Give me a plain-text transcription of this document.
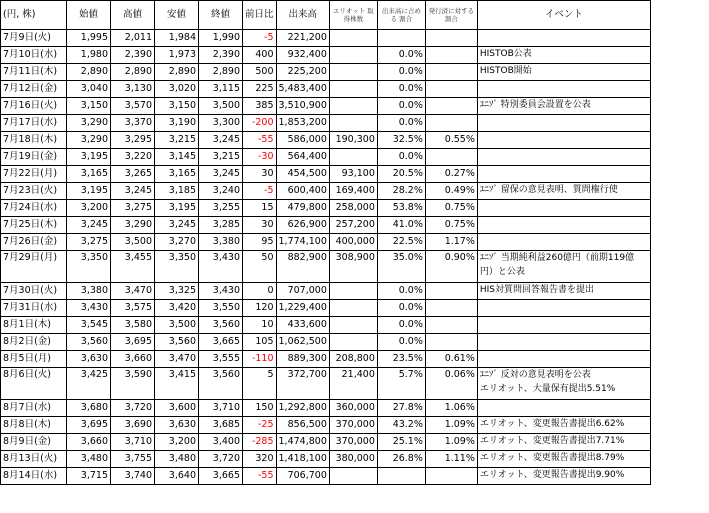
(円, 株)	始値	高値	安値	終値	前日比	出来高	エリオット 取得株数	出来高に占める 割合	発行済に対する 割合	イベント
7月9日(火)	1,995	2,011	1,984	1,990	-5	221,200				

7月10日(水)	1,980	2,390	1,973	2,390	400	932,400		0.0%		HISTOB公表

7月11日(木)	2,890	2,890	2,890	2,890	500	225,200		0.0%		HISTOB開始

7月12日(金)	3,040	3,130	3,020	3,115	225	5,483,400		0.0%		

7月16日(火)	3,150	3,570	3,150	3,500	385	3,510,900		0.0%		ﾕﾆｿﾞ 特別委員会設置を公表

7月17日(水)	3,290	3,370	3,190	3,300	-200	1,853,200		0.0%		

7月18日(木)	3,290	3,295	3,215	3,245	-55	586,000	190,300	32.5%	0.55%	

7月19日(金)	3,195	3,220	3,145	3,215	-30	564,400		0.0%		

7月22日(月)	3,165	3,265	3,165	3,245	30	454,500	93,100	20.5%	0.27%	

7月23日(火)	3,195	3,245	3,185	3,240	-5	600,400	169,400	28.2%	0.49%	ﾕﾆｿﾞ 留保の意見表明、質問権行使

7月24日(水)	3,200	3,275	3,195	3,255	15	479,800	258,000	53.8%	0.75%	

7月25日(木)	3,245	3,290	3,245	3,285	30	626,900	257,200	41.0%	0.75%	

7月26日(金)	3,275	3,500	3,270	3,380	95	1,774,100	400,000	22.5%	1.17%	

7月29日(月)	3,350	3,455	3,350	3,430	50	882,900	308,900	35.0%	0.90%	ﾕﾆｿﾞ 当期純利益260億円（前期119億
円）と公表

7月30日(火)	3,380	3,470	3,325	3,430	0	707,000		0.0%		HIS対質問回答報告書を提出

7月31日(水)	3,430	3,575	3,420	3,550	120	1,229,400		0.0%		

8月1日(木)	3,545	3,580	3,500	3,560	10	433,600		0.0%		

8月2日(金)	3,560	3,695	3,560	3,665	105	1,062,500		0.0%		

8月5日(月)	3,630	3,660	3,470	3,555	-110	889,300	208,800	23.5%	0.61%	

8月6日(火)	3,425	3,590	3,415	3,560	5	372,700	21,400	5.7%	0.06%	ﾕﾆｿﾞ 反対の意見表明を公表
エリオット、大量保有提出5.51%

8月7日(水)	3,680	3,720	3,600	3,710	150	1,292,800	360,000	27.8%	1.06%	

8月8日(木)	3,695	3,690	3,630	3,685	-25	856,500	370,000	43.2%	1.09%	エリオット、変更報告書提出6.62%

8月9日(金)	3,660	3,710	3,200	3,400	-285	1,474,800	370,000	25.1%	1.09%	エリオット、変更報告書提出7.71%

8月13日(火)	3,480	3,755	3,480	3,720	320	1,418,100	380,000	26.8%	1.11%	エリオット、変更報告書提出8.79%

8月14日(水)	3,715	3,740	3,640	3,665	-55	706,700				エリオット、変更報告書提出9.90%
